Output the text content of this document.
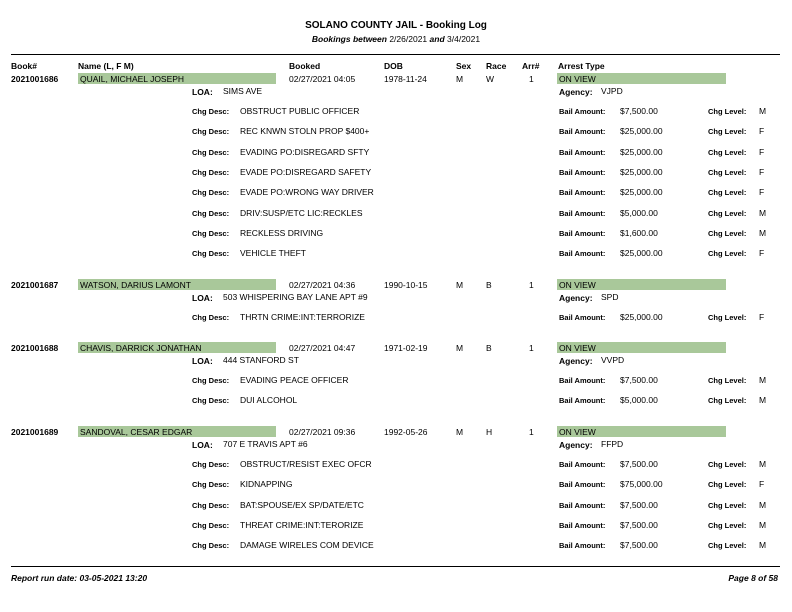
SOLANO COUNTY JAIL - Booking Log
Bookings between 2/26/2021 and 3/4/2021
Book#	Name (L, F M)	Booked	DOB	Sex Race Arr# Arrest Type
2021001686	QUAIL, MICHAEL JOSEPH	02/27/2021 04:05	1978-11-24	M	W	1	ON VIEW
LOA: SIMS AVE	Agency: VJPD
Chg Desc: OBSTRUCT PUBLIC OFFICER	Bail Amount: $7,500.00	Chg Level: M
Chg Desc: REC KNWN STOLN PROP $400+	Bail Amount: $25,000.00	Chg Level: F
Chg Desc: EVADING PO:DISREGARD SFTY	Bail Amount: $25,000.00	Chg Level: F
Chg Desc: EVADE PO:DISREGARD SAFETY	Bail Amount: $25,000.00	Chg Level: F
Chg Desc: EVADE PO:WRONG WAY DRIVER	Bail Amount: $25,000.00	Chg Level: F
Chg Desc: DRIV:SUSP/ETC LIC:RECKLES	Bail Amount: $5,000.00	Chg Level: M
Chg Desc: RECKLESS DRIVING	Bail Amount: $1,600.00	Chg Level: M
Chg Desc: VEHICLE THEFT	Bail Amount: $25,000.00	Chg Level: F
2021001687	WATSON, DARIUS LAMONT	02/27/2021 04:36	1990-10-15	M	B	1	ON VIEW
LOA: 503 WHISPERING BAY LANE APT #9	Agency: SPD
Chg Desc: THRTN CRIME:INT:TERRORIZE	Bail Amount: $25,000.00	Chg Level: F
2021001688	CHAVIS, DARRICK JONATHAN	02/27/2021 04:47	1971-02-19	M	B	1	ON VIEW
LOA: 444 STANFORD ST	Agency: VVPD
Chg Desc: EVADING PEACE OFFICER	Bail Amount: $7,500.00	Chg Level: M
Chg Desc: DUI ALCOHOL	Bail Amount: $5,000.00	Chg Level: M
2021001689	SANDOVAL, CESAR EDGAR	02/27/2021 09:36	1992-05-26	M	H	1	ON VIEW
LOA: 707 E TRAVIS APT #6	Agency: FFPD
Chg Desc: OBSTRUCT/RESIST EXEC OFCR	Bail Amount: $7,500.00	Chg Level: M
Chg Desc: KIDNAPPING	Bail Amount: $75,000.00	Chg Level: F
Chg Desc: BAT:SPOUSE/EX SP/DATE/ETC	Bail Amount: $7,500.00	Chg Level: M
Chg Desc: THREAT CRIME:INT:TERORIZE	Bail Amount: $7,500.00	Chg Level: M
Chg Desc: DAMAGE WIRELES COM DEVICE	Bail Amount: $7,500.00	Chg Level: M
Report run date: 03-05-2021 13:20	Page 8 of 58
